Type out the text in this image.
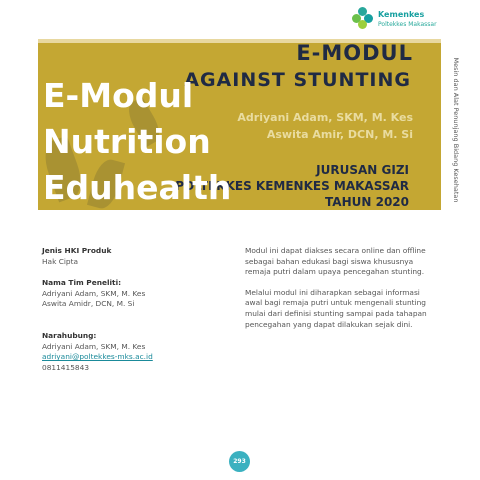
Kemenkes
Poltekkes Makassar
E-MODUL
AGAINST STUNTING
Adriyani Adam, SKM, M. Kes
Aswita Amir, DCN, M. Si
JURUSAN GIZI
POLTEKKES KEMENKES MAKASSAR
TAHUN 2020
E-Modul
Nutrition
Eduhealth	Mesin dan Alat Penunjang Bidang Kesehatan
Jenis HKI Produk
Hak Cipta
Nama Tim Peneliti:
Adriyani Adam, SKM, M. Kes
Aswita Amidr, DCN, M. Si
Narahubung:
Adriyani Adam, SKM, M. Kes
adriyani@poltekkes-mks.ac.id
0811415843
Modul ini dapat diakses secara online dan offline sebagai bahan edukasi bagi siswa khususnya remaja putri dalam upaya pencegahan stunting.
Melalui modul ini diharapkan sebagai informasi awal bagi remaja putri untuk mengenali stunting mulai dari definisi stunting sampai pada tahapan pencegahan yang dapat dilakukan sejak dini.
293
